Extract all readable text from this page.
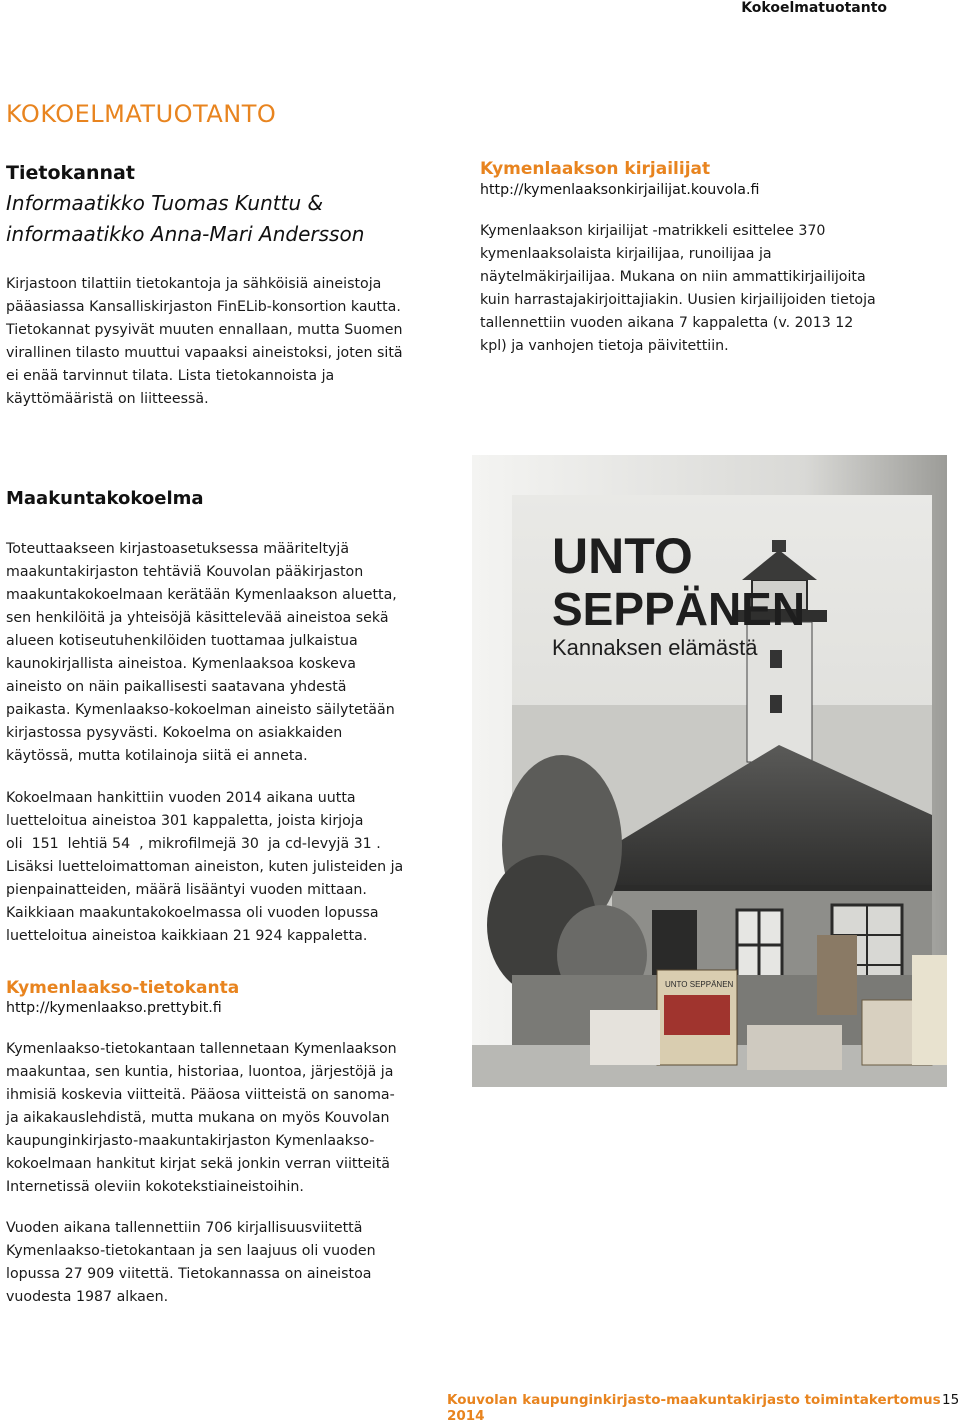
Kokoelmatuotanto
KOKOELMATUOTANTO
Tietokannat
Informaatikko Tuomas Kunttu &
informaatikko Anna-Mari Andersson

Kirjastoon tilattiin tietokantoja ja sähköisiä aineistoja

pääasiassa Kansalliskirjaston FinELib-konsortion kautta.

Tietokannat pysyivät muuten ennallaan, mutta Suomen

virallinen tilasto muuttui vapaaksi aineistoksi, joten sitä

ei enää tarvinnut tilata. Lista tietokannoista ja

käyttömääristä on liitteessä.

Kymenlaakson kirjailijat
http://kymenlaaksonkirjailijat.kouvola.fi

Kymenlaakson kirjailijat -matrikkeli esittelee 370

kymenlaaksolaista kirjailijaa, runoilijaa ja

näytelmäkirjailijaa. Mukana on niin ammattikirjailijoita

kuin harrastajakirjoittajiakin. Uusien kirjailijoiden tietoja

tallennettiin vuoden aikana 7 kappaletta (v. 2013 12

kpl) ja vanhojen tietoja päivitettiin.

Maakuntakokoelma

Toteuttaakseen kirjastoasetuksessa määriteltyjä

maakuntakirjaston tehtäviä Kouvolan pääkirjaston

maakuntakokoelmaan kerätään Kymenlaakson aluetta,

sen henkilöitä ja yhteisöjä käsittelevää aineistoa sekä

alueen kotiseutuhenkilöiden tuottamaa julkaistua

kaunokirjallista aineistoa. Kymenlaaksoa koskeva

aineisto on näin paikallisesti saatavana yhdestä

paikasta. Kymenlaakso-kokoelman aineisto säilytetään

kirjastossa pysyvästi. Kokoelma on asiakkaiden

käytössä, mutta kotilainoja siitä ei anneta.

Kokoelmaan hankittiin vuoden 2014 aikana uutta

luetteloitua aineistoa 301 kappaletta, joista kirjoja

oli  151  lehtiä 54  , mikrofilmejä 30  ja cd-levyjä 31 .

Lisäksi luetteloimattoman aineiston, kuten julisteiden ja

pienpainatteiden, määrä lisääntyi vuoden mittaan.

Kaikkiaan maakuntakokoelmassa oli vuoden lopussa

luetteloitua aineistoa kaikkiaan 21 924 kappaletta.

Kymenlaakso-tietokanta
http://kymenlaakso.prettybit.fi

Kymenlaakso-tietokantaan tallennetaan Kymenlaakson

maakuntaa, sen kuntia, historiaa, luontoa, järjestöjä ja

ihmisiä koskevia viitteitä. Pääosa viitteistä on sanoma-

ja aikakauslehdistä, mutta mukana on myös Kouvolan

kaupunginkirjasto-maakuntakirjaston Kymenlaakso-

kokoelmaan hankitut kirjat sekä jonkin verran viitteitä

Internetissä oleviin kokotekstiaineistoihin.

Vuoden aikana tallennettiin 706 kirjallisuusviitettä

Kymenlaakso-tietokantaan ja sen laajuus oli vuoden

lopussa 27 909 viitettä. Tietokannassa on aineistoa

vuodesta 1987 alkaen.

UNTO
SEPPÄNEN
Kannaksen elämästä
UNTO SEPPÄNEN
Kouvolan kaupunginkirjasto-maakuntakirjasto toimintakertomus 2014
15
